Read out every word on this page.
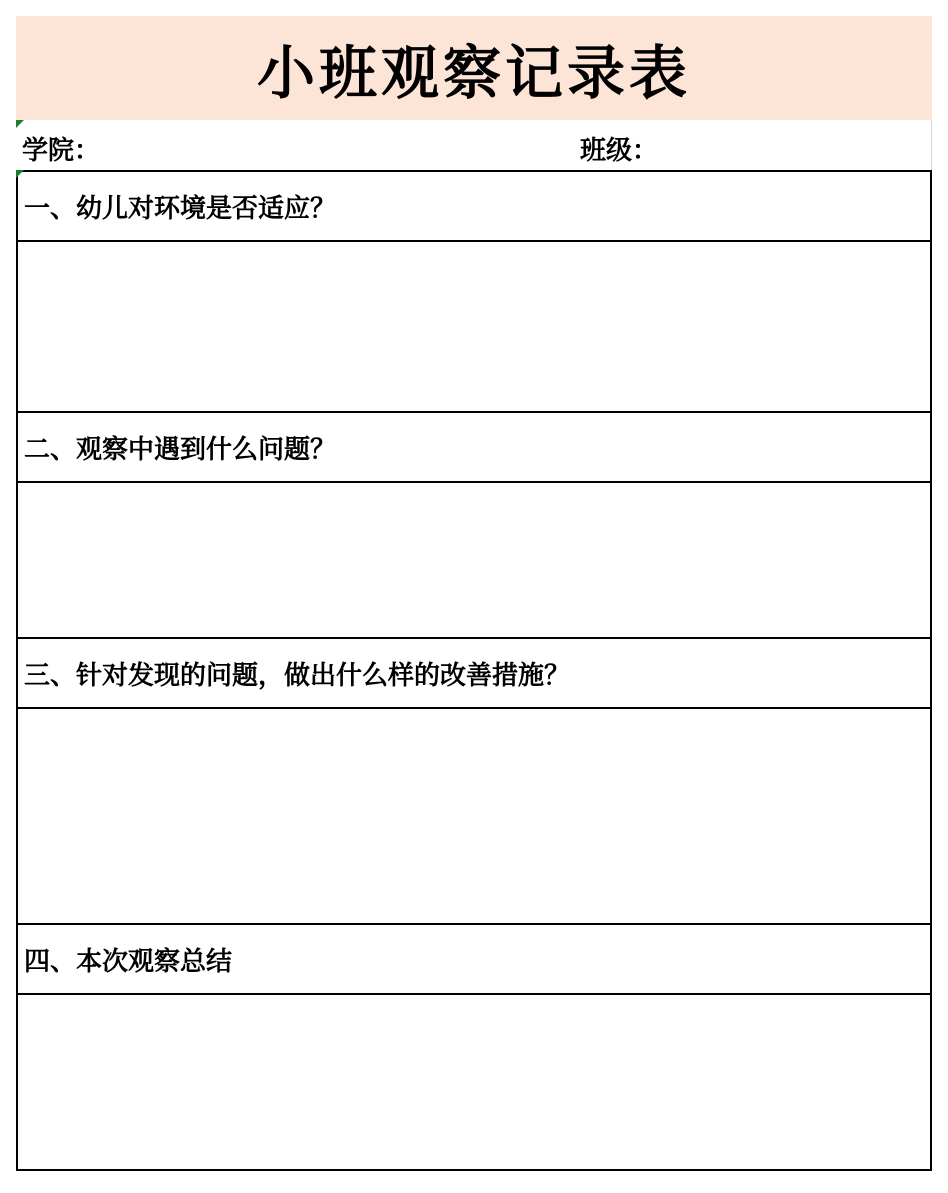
小班观察记录表
学院：	班级：
一、幼儿对环境是否适应？
二、观察中遇到什么问题？
三、针对发现的问题，做出什么样的改善措施？
四、本次观察总结
